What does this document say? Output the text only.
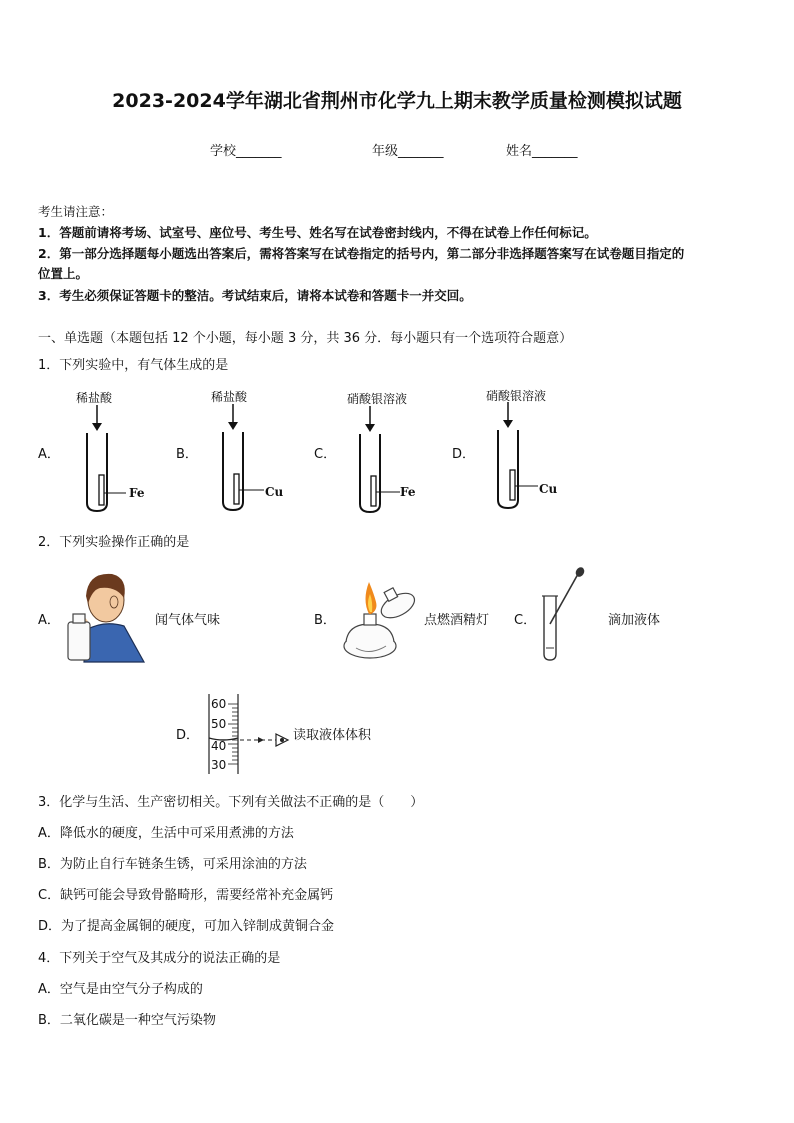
2023-2024学年湖北省荆州市化学九上期末教学质量检测模拟试题
学校_______	年级_______	姓名_______
考生请注意：
1．答题前请将考场、试室号、座位号、考生号、姓名写在试卷密封线内，不得在试卷上作任何标记。
2．第一部分选择题每小题选出答案后，需将答案写在试卷指定的括号内，第二部分非选择题答案写在试卷题目指定的
位置上。
3．考生必须保证答题卡的整洁。考试结束后，请将本试卷和答题卡一并交回。
一、单选题（本题包括 12 个小题，每小题 3 分，共 36 分．每小题只有一个选项符合题意）
1．下列实验中，有气体生成的是
A．
稀盐酸
Fe
B．
稀盐酸
Cu
C．
硝酸银溶液
Fe
D．
硝酸银溶液
Cu
2．下列实验操作正确的是
A．	闻气体气味	B．	点燃酒精灯 C．	滴加液体
D．
60
50
40
30
读取液体体积
3．化学与生活、生产密切相关。下列有关做法不正确的是（　　）
A．降低水的硬度，生活中可采用煮沸的方法
B．为防止自行车链条生锈，可采用涂油的方法
C．缺钙可能会导致骨骼畸形，需要经常补充金属钙
D．为了提高金属铜的硬度，可加入锌制成黄铜合金
4．下列关于空气及其成分的说法正确的是
A．空气是由空气分子构成的
B．二氧化碳是一种空气污染物
